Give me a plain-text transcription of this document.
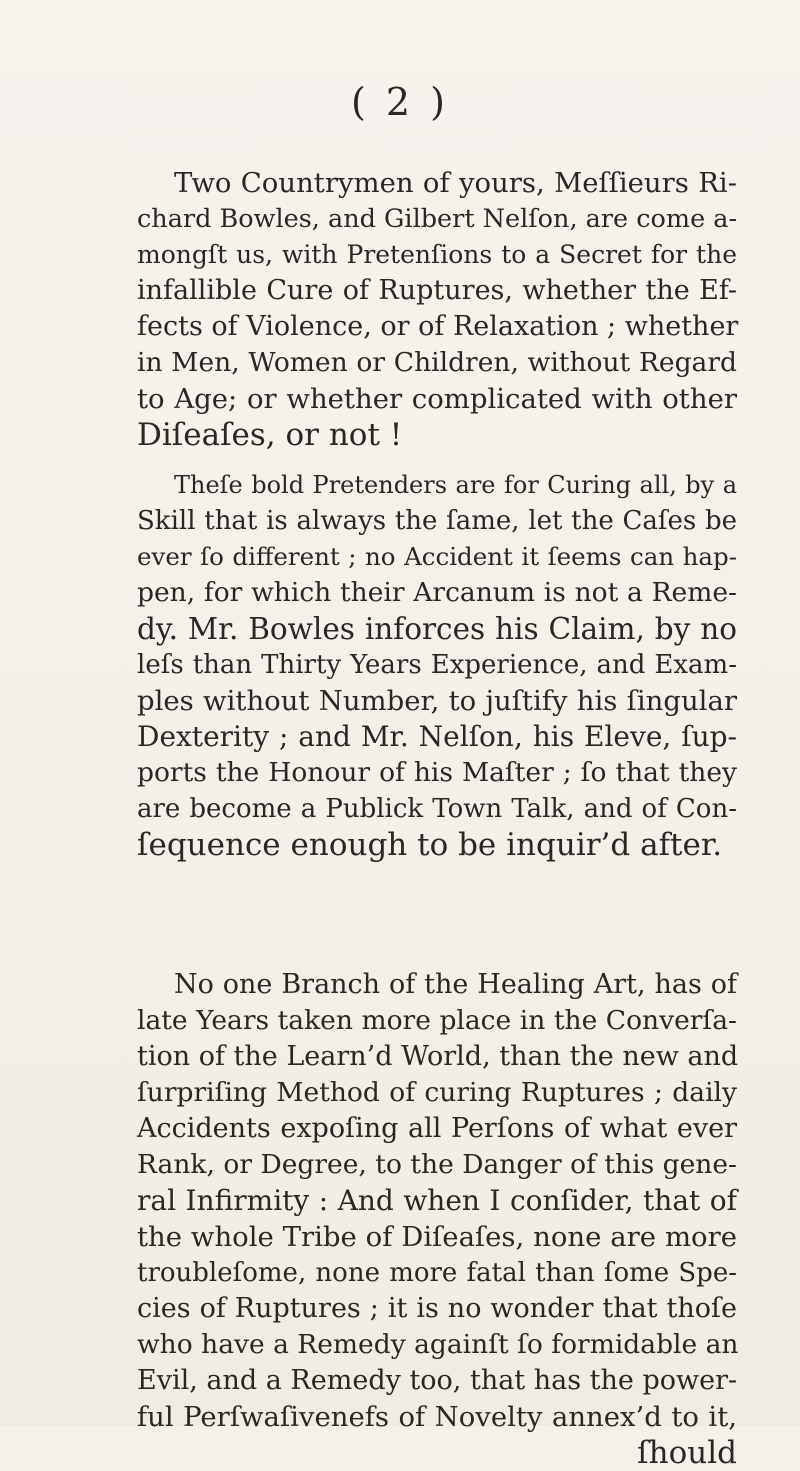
( 2 )
Two Countrymen of yours, Meſſieurs Ri-
chard Bowles, and Gilbert Nelſon, are come a-
mongſt us, with Pretenſions to a Secret for the
infallible Cure of Ruptures, whether the Ef-
fects of Violence, or of Relaxation ; whether
in Men, Women or Children, without Regard
to Age; or whether complicated with other
Diſeaſes, or not !
Theſe bold Pretenders are for Curing all, by a
Skill that is always the ſame, let the Caſes be
ever ſo different ; no Accident it ſeems can hap-
pen, for which their Arcanum is not a Reme-
dy. Mr. Bowles inforces his Claim, by no
leſs than Thirty Years Experience, and Exam-
ples without Number, to juſtify his ſingular
Dexterity ; and Mr. Nelſon, his Eleve, ſup-
ports the Honour of his Maſter ; ſo that they
are become a Publick Town Talk, and of Con-
ſequence enough to be inquir’d after.
No one Branch of the Healing Art, has of
late Years taken more place in the Converſa-
tion of the Learn’d World, than the new and
ſurpriſing Method of curing Ruptures ; daily
Accidents expoſing all Perſons of what ever
Rank, or Degree, to the Danger of this gene-
ral Infirmity : And when I conſider, that of
the whole Tribe of Diſeaſes, none are more
troubleſome, none more fatal than ſome Spe-
cies of Ruptures ; it is no wonder that thoſe
who have a Remedy againſt ſo formidable an
Evil, and a Remedy too, that has the power-
ful Perſwaſivenefs of Novelty annex’d to it,
ſhould
